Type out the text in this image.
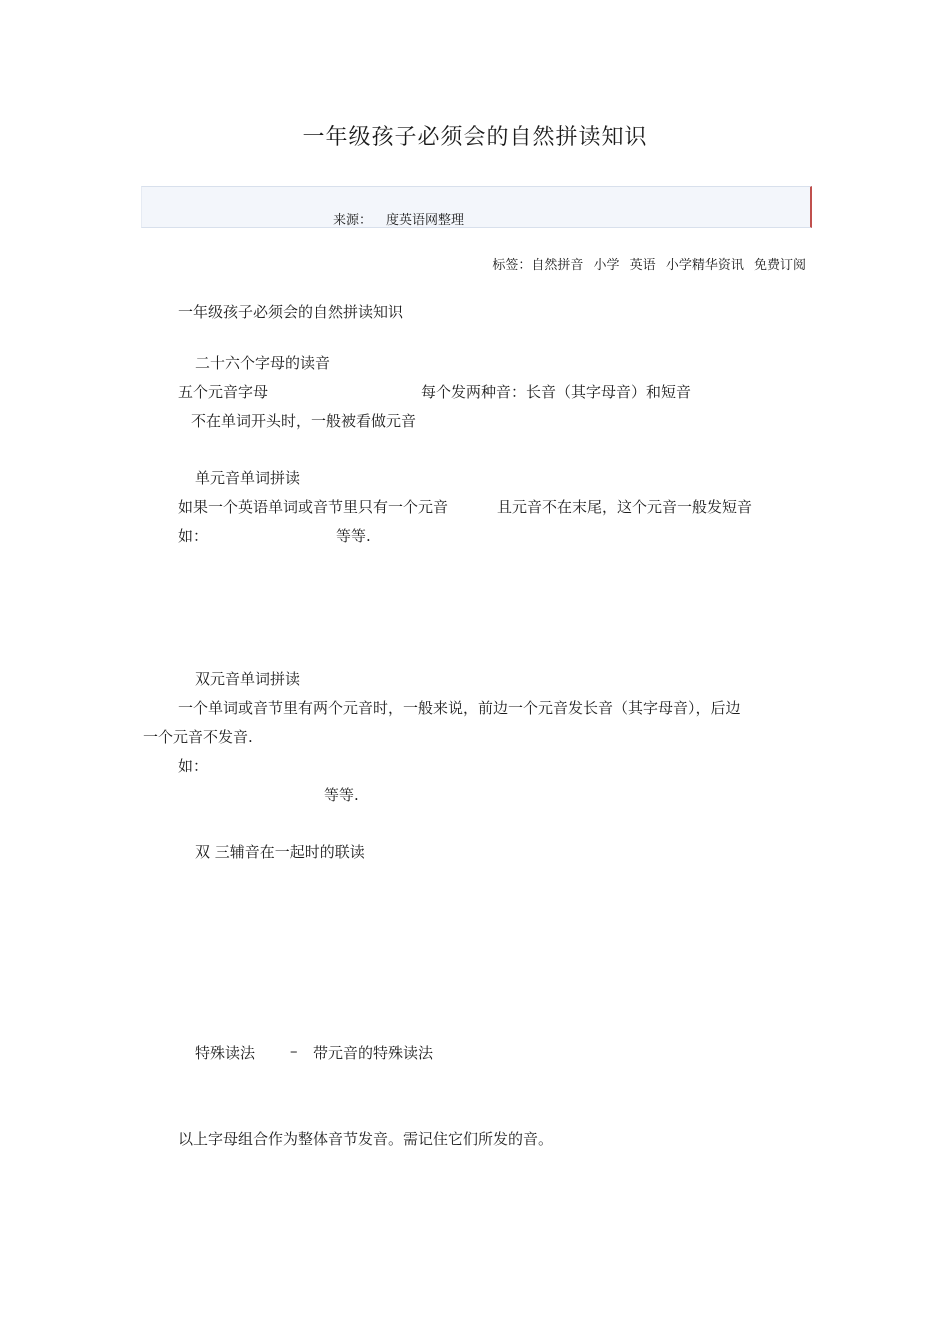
一年级孩子必须会的自然拼读知识
来源： 度英语网整理
标签：自然拼音 小学 英语 小学精华资讯 免费订阅
一年级孩子必须会的自然拼读知识
二十六个字母的读音
五个元音字母	每个发两种音：长音（其字母音）和短音
不在单词开头时，一般被看做元音
单元音单词拼读
如果一个英语单词或音节里只有一个元音	且元音不在末尾，这个元音一般发短音
如：	等等.
双元音单词拼读
一个单词或音节里有两个元音时，一般来说，前边一个元音发长音（其字母音），后边
一个元音不发音.
如：
等等.
双 三辅音在一起时的联读
特殊读法 – 带元音的特殊读法
以上字母组合作为整体音节发音。需记住它们所发的音。
